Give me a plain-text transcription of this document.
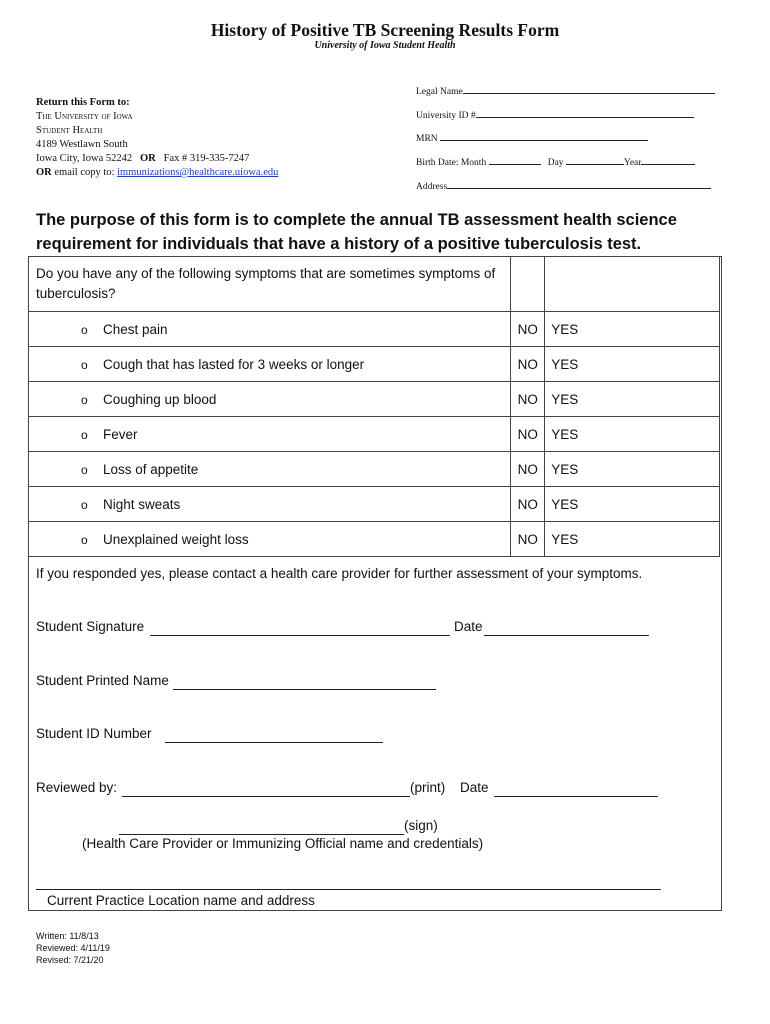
History of Positive TB Screening Results Form
University of Iowa Student Health
Return this Form to:
The University of Iowa
Student Health
4189 Westlawn South
Iowa City, Iowa 52242 OR Fax # 319-335-7247
OR email copy to: immunizations@healthcare.uiowa.edu
Legal Name
University ID #
MRN
Birth Date: Month	Day	Year
Address
The purpose of this form is to complete the annual TB assessment health science requirement for individuals that have a history of a positive tuberculosis test.
Do you have any of the following symptoms that are sometimes symptoms of tuberculosis?		
o Chest pain	NO	YES
o Cough that has lasted for 3 weeks or longer	NO	YES
o Coughing up blood	NO	YES
o Fever	NO	YES
o Loss of appetite	NO	YES
o Night sweats	NO	YES
o Unexplained weight loss	NO	YES
If you responded yes, please contact a health care provider for further assessment of your symptoms.
Student Signature	Date
Student Printed Name
Student ID Number
Reviewed by:	(print) Date
(sign)
(Health Care Provider or Immunizing Official name and credentials)
Current Practice Location name and address
Written: 11/8/13
Reviewed: 4/11/19
Revised: 7/21/20
